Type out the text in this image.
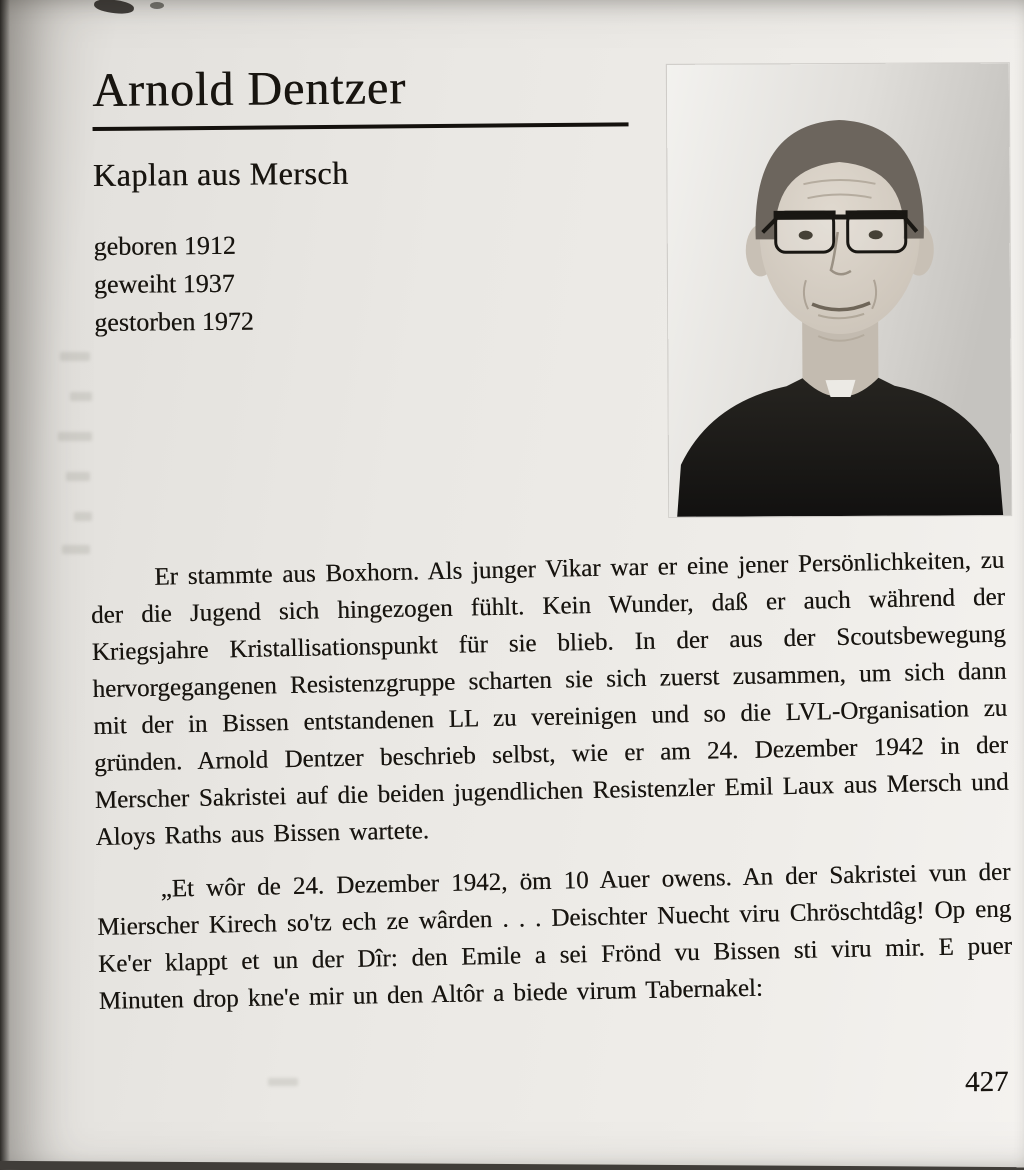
Arnold Dentzer
Kaplan aus Mersch
geboren 1912
geweiht 1937
gestorben 1972

Er stammte aus Boxhorn. Als junger Vikar war er eine jener Persönlichkeiten, zu der die Jugend sich hingezogen fühlt. Kein Wunder, daß er auch während der Kriegsjahre Kristallisationspunkt für sie blieb. In der aus der Scoutsbewegung hervorgegangenen Resistenzgruppe scharten sie sich zuerst zusammen, um sich dann mit der in Bissen entstandenen LL zu vereinigen und so die LVL-Organisation zu gründen. Arnold Dentzer beschrieb selbst, wie er am 24. Dezember 1942 in der Merscher Sakristei auf die beiden jugendlichen Resistenzler Emil Laux aus Mersch und Aloys Raths aus Bissen wartete.

„Et wôr de 24. Dezember 1942, öm 10 Auer owens. An der Sakristei vun der Mierscher Kirech so'tz ech ze wârden . . . Deischter Nuecht viru Chröschtdâg! Op eng Ke'er klappt et un der Dîr: den Emile a sei Frönd vu Bissen sti viru mir. E puer Minuten drop kne'e mir un den Altôr a biede virum Tabernakel:

427
